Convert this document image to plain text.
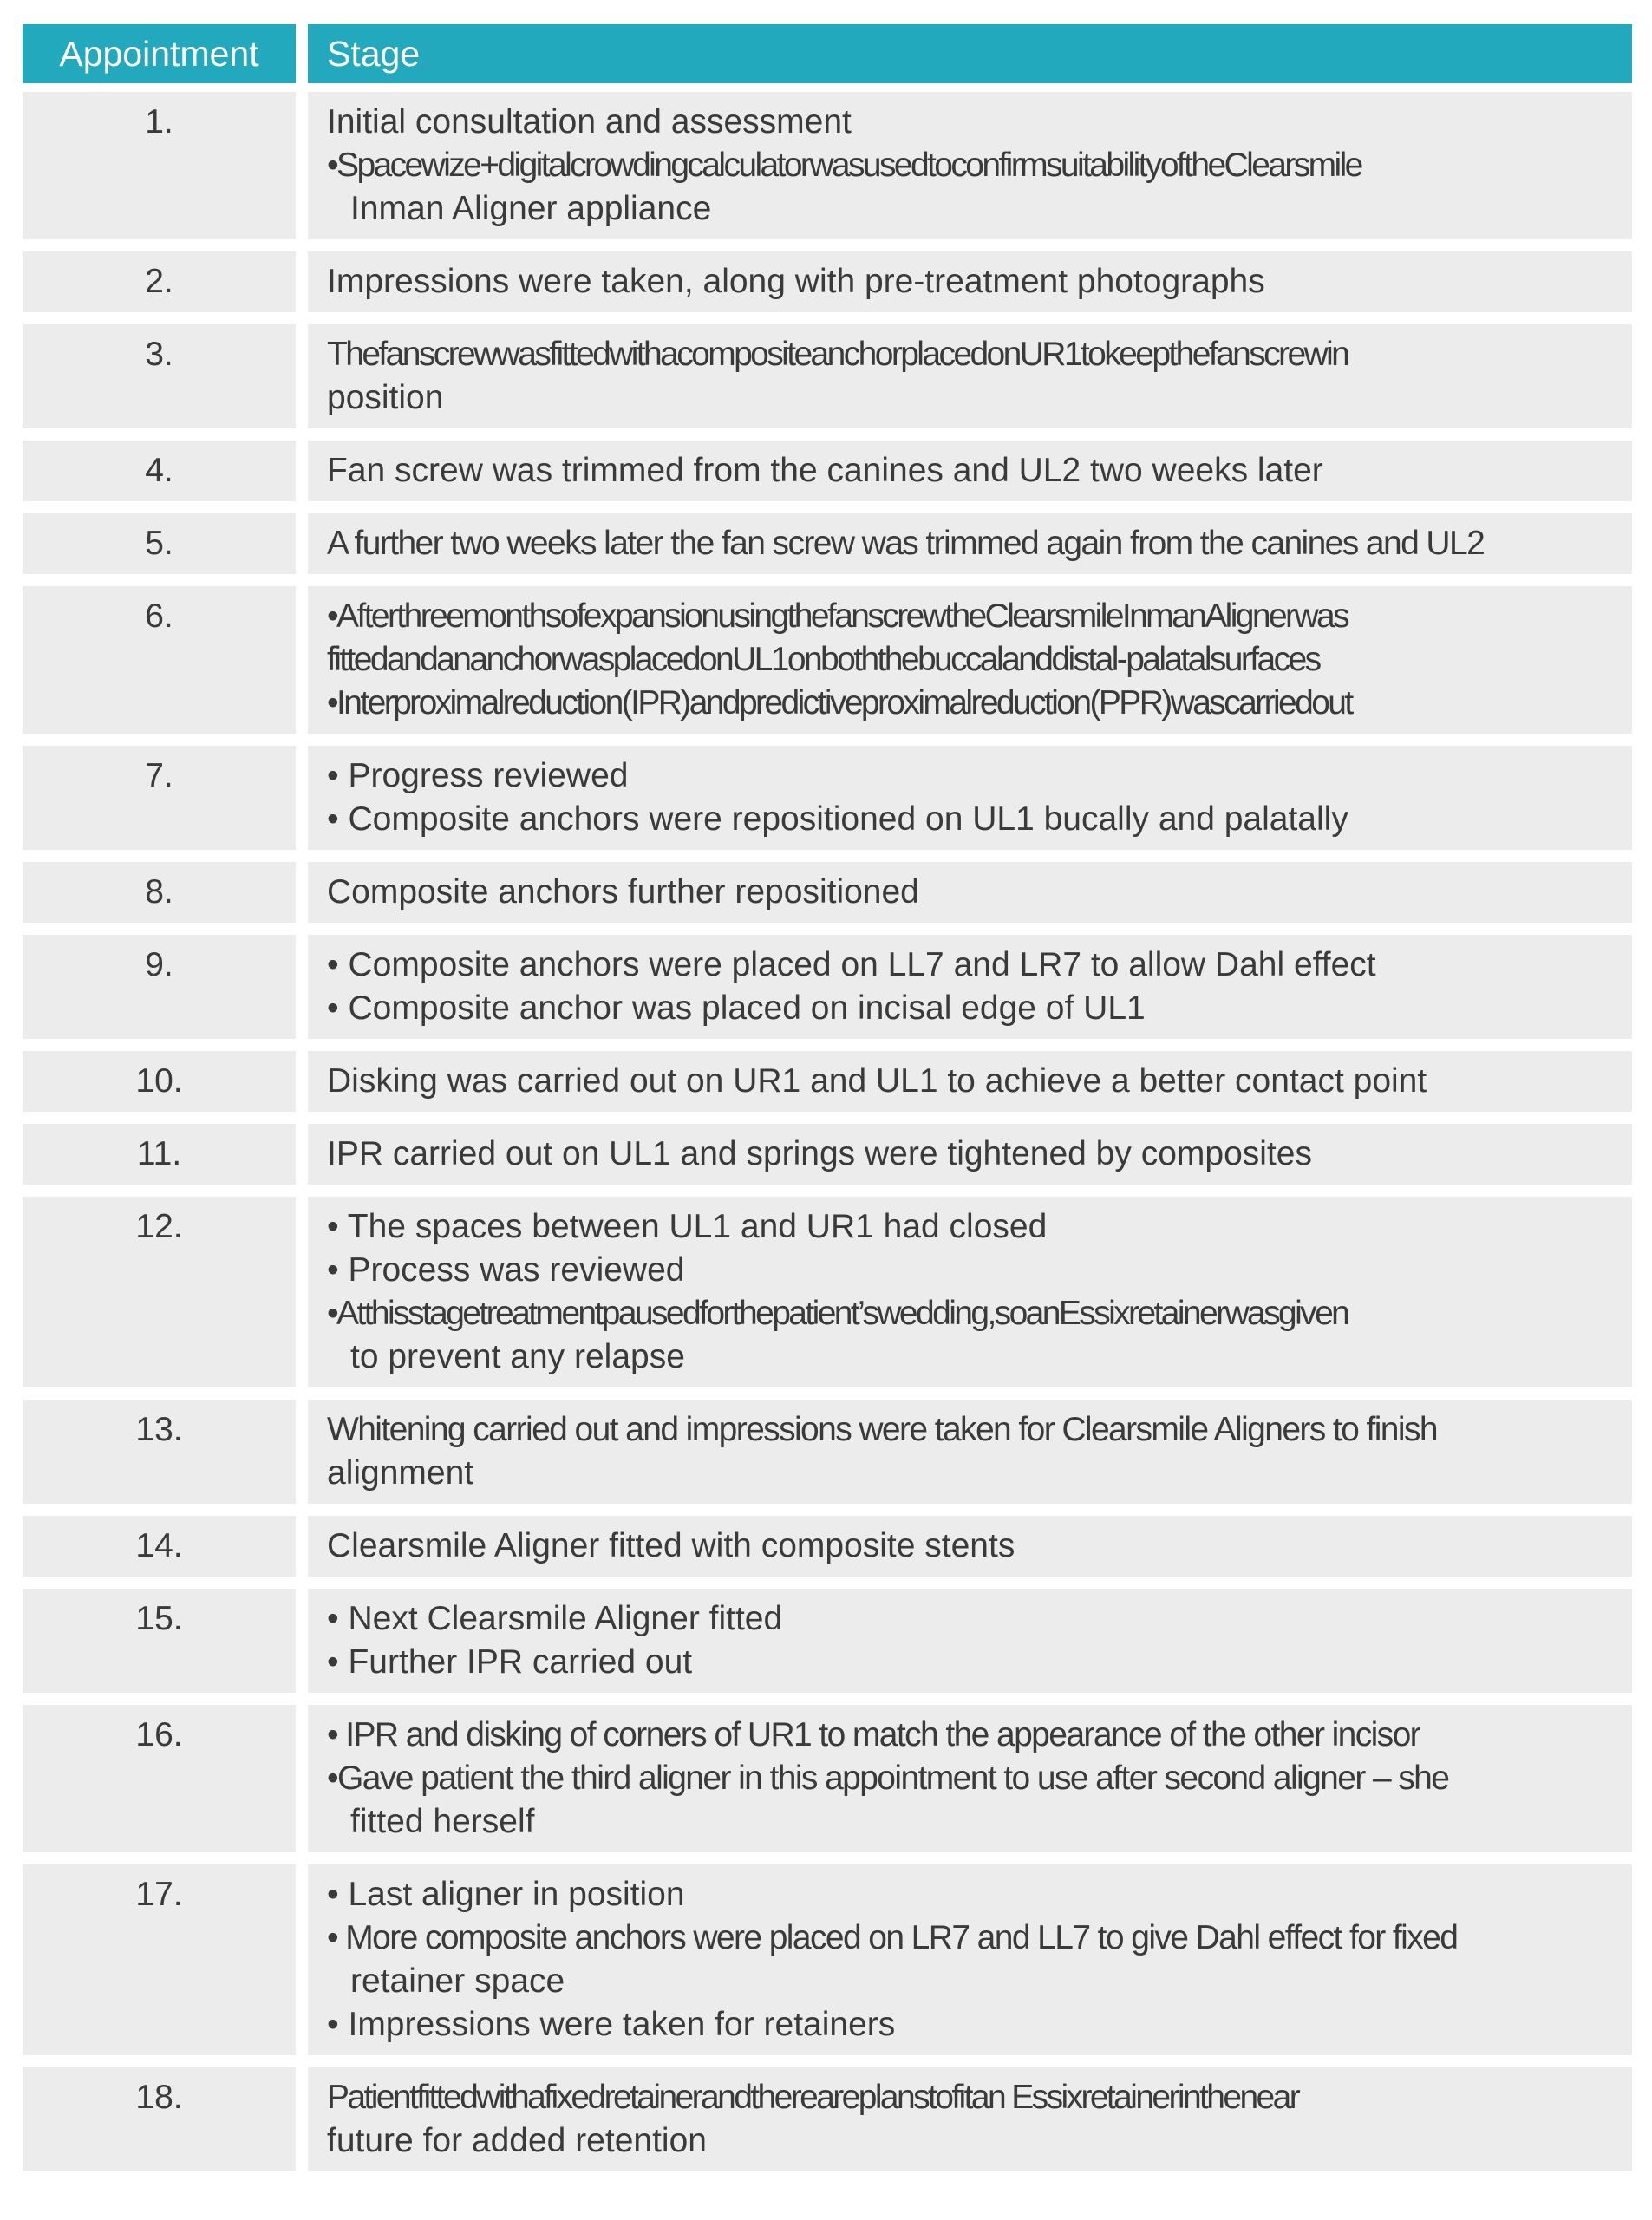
Appointment	Stage
1.	Initial consultation and assessment
•Spacewize+digitalcrowdingcalculatorwasusedtoconfirmsuitabilityoftheClearsmile
Inman Aligner appliance
2.	Impressions were taken, along with pre-treatment photographs
3.	ThefanscrewwasfittedwithacompositeanchorplacedonUR1tokeepthefanscrewin
position
4.	Fan screw was trimmed from the canines and UL2 two weeks later
5.	A further two weeks later the fan screw was trimmed again from the canines and UL2
6.	•AfterthreemonthsofexpansionusingthefanscrewtheClearsmileInmanAlignerwas
fittedandananchorwasplacedonUL1onboththebuccalanddistal-palatalsurfaces
•Interproximalreduction(IPR)andpredictiveproximalreduction(PPR)wascarriedout
7.	• Progress reviewed
• Composite anchors were repositioned on UL1 bucally and palatally
8.	Composite anchors further repositioned
9.	• Composite anchors were placed on LL7 and LR7 to allow Dahl effect
• Composite anchor was placed on incisal edge of UL1
10.	Disking was carried out on UR1 and UL1 to achieve a better contact point
11.	IPR carried out on UL1 and springs were tightened by composites
12.	• The spaces between UL1 and UR1 had closed
• Process was reviewed
•Atthisstagetreatmentpausedforthepatient’swedding,soanEssixretainerwasgiven
to prevent any relapse
13.	Whitening carried out and impressions were taken for Clearsmile Aligners to finish
alignment
14.	Clearsmile Aligner fitted with composite stents
15.	• Next Clearsmile Aligner fitted
• Further IPR carried out
16.	• IPR and disking of corners of UR1 to match the appearance of the other incisor
•Gave patient the third aligner in this appointment to use after second aligner – she
fitted herself
17.	• Last aligner in position
• More composite anchors were placed on LR7 and LL7 to give Dahl effect for fixed
retainer space
• Impressions were taken for retainers
18.	Patientfittedwithafixedretainerandthereareplanstofitan Essixretainerinthenear
future for added retention
